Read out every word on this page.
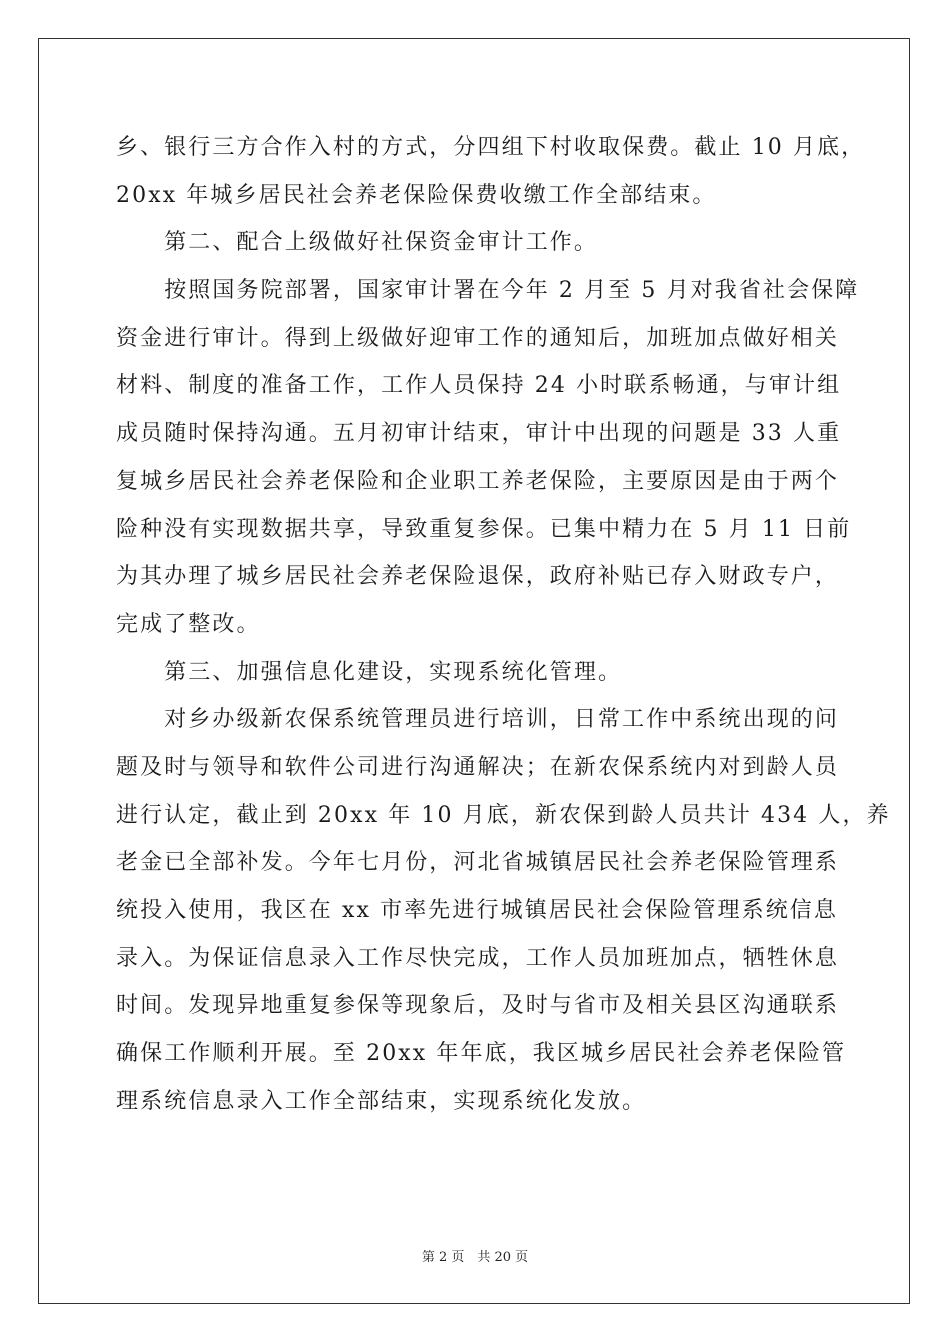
乡、银行三方合作入村的方式，分四组下村收取保费。截止 10 月底，
20xx 年城乡居民社会养老保险保费收缴工作全部结束。
　　第二、配合上级做好社保资金审计工作。
　　按照国务院部署，国家审计署在今年 2 月至 5 月对我省社会保障
资金进行审计。得到上级做好迎审工作的通知后，加班加点做好相关
材料、制度的准备工作，工作人员保持 24 小时联系畅通，与审计组
成员随时保持沟通。五月初审计结束，审计中出现的问题是 33 人重
复城乡居民社会养老保险和企业职工养老保险，主要原因是由于两个
险种没有实现数据共享，导致重复参保。已集中精力在 5 月 11 日前
为其办理了城乡居民社会养老保险退保，政府补贴已存入财政专户，
完成了整改。
　　第三、加强信息化建设，实现系统化管理。
　　对乡办级新农保系统管理员进行培训，日常工作中系统出现的问
题及时与领导和软件公司进行沟通解决；在新农保系统内对到龄人员
进行认定，截止到 20xx 年 10 月底，新农保到龄人员共计 434 人，养
老金已全部补发。今年七月份，河北省城镇居民社会养老保险管理系
统投入使用，我区在 xx 市率先进行城镇居民社会保险管理系统信息
录入。为保证信息录入工作尽快完成，工作人员加班加点，牺牲休息
时间。发现异地重复参保等现象后，及时与省市及相关县区沟通联系
确保工作顺利开展。至 20xx 年年底，我区城乡居民社会养老保险管
理系统信息录入工作全部结束，实现系统化发放。
第 2 页　共 20 页
